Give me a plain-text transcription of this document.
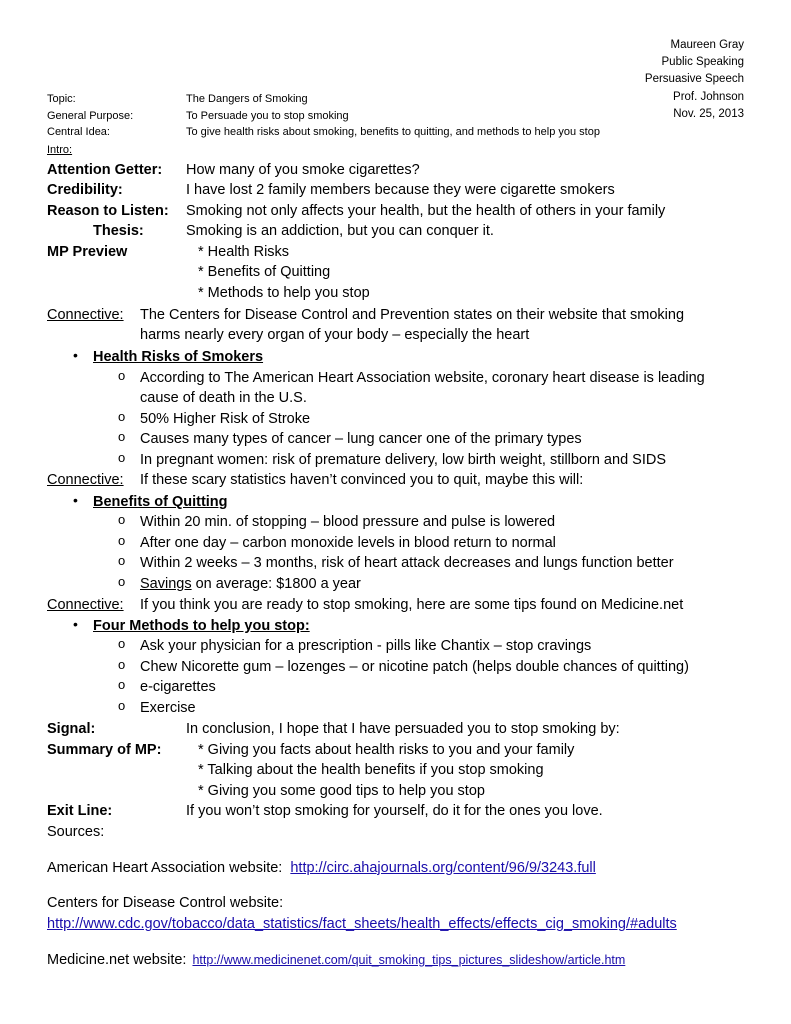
Maureen Gray
Public Speaking
Persuasive Speech
Prof. Johnson
Nov. 25, 2013
Topic:	The Dangers of Smoking
General Purpose:	To Persuade you to stop smoking
Central Idea:	To give health risks about smoking, benefits to quitting, and methods to help you stop
Intro:
Attention Getter: How many of you smoke cigarettes?
Credibility:	I have lost 2 family members because they were cigarette smokers
Reason to Listen: Smoking not only affects your health, but the health of others in your family
Thesis:	Smoking is an addiction, but you can conquer it.
MP Preview	* Health Risks
* Benefits of Quitting
* Methods to help you stop
Connective: The Centers for Disease Control and Prevention states on their website that smoking
harms nearly every organ of your body – especially the heart
• Health Risks of Smokers
o According to The American Heart Association website, coronary heart disease is leading
cause of death in the U.S.
o 50% Higher Risk of Stroke
o Causes many types of cancer – lung cancer one of the primary types
o In pregnant women: risk of premature delivery, low birth weight, stillborn and SIDS
Connective: If these scary statistics haven’t convinced you to quit, maybe this will:
• Benefits of Quitting
o Within 20 min. of stopping – blood pressure and pulse is lowered
o After one day – carbon monoxide levels in blood return to normal
o Within 2 weeks – 3 months, risk of heart attack decreases and lungs function better
o Savings on average: $1800 a year
Connective: If you think you are ready to stop smoking, here are some tips found on Medicine.net
• Four Methods to help you stop:
o Ask your physician for a prescription - pills like Chantix – stop cravings
o Chew Nicorette gum – lozenges – or nicotine patch (helps double chances of quitting)
o e-cigarettes
o Exercise
Signal:	In conclusion, I hope that I have persuaded you to stop smoking by:
Summary of MP:	* Giving you facts about health risks to you and your family
* Talking about the health benefits if you stop smoking
* Giving you some good tips to help you stop
Exit Line:	If you won’t stop smoking for yourself, do it for the ones you love.
Sources:
American Heart Association website: http://circ.ahajournals.org/content/96/9/3243.full
Centers for Disease Control website:
http://www.cdc.gov/tobacco/data_statistics/fact_sheets/health_effects/effects_cig_smoking/#adults
Medicine.net website: http://www.medicinenet.com/quit_smoking_tips_pictures_slideshow/article.htm
